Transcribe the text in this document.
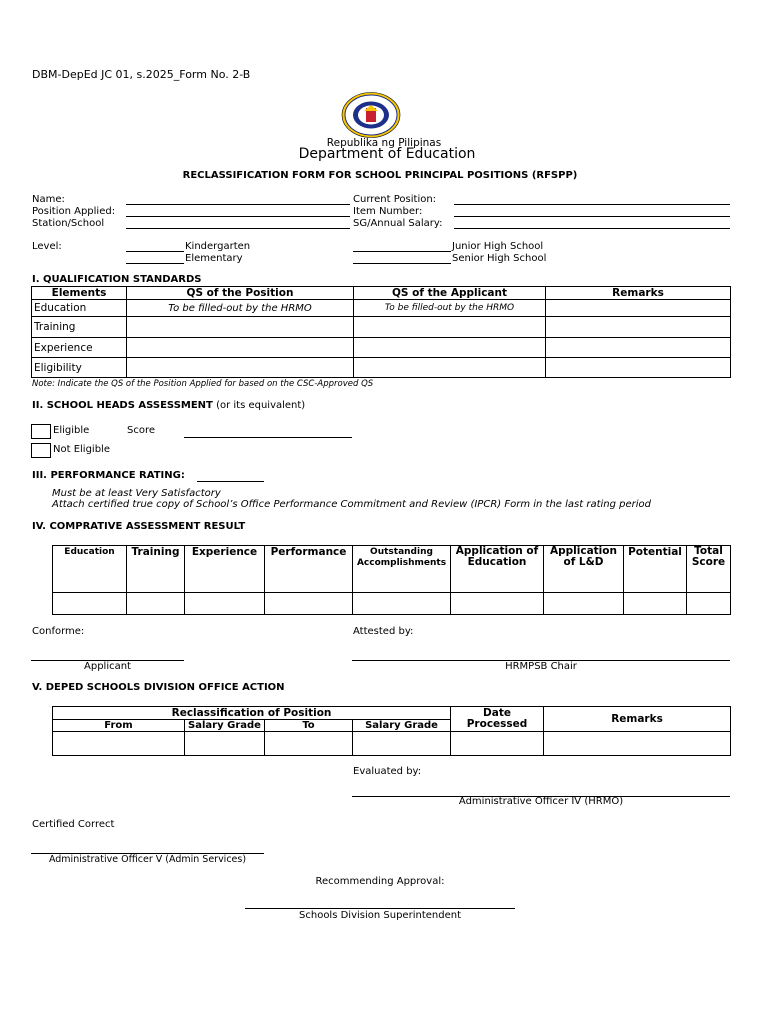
DBM-DepEd JC 01, s.2025_Form No. 2-B
Republika ng Pilipinas
Department of Education
RECLASSIFICATION FORM FOR SCHOOL PRINCIPAL POSITIONS (RFSPP)
Name:
Position Applied:
Station/School
Current Position:
Item Number:
SG/Annual Salary:
Level:	Kindergarten
Elementary
Junior High School
Senior High School
I. QUALIFICATION STANDARDS
Elements	QS of the Position	QS of the Applicant	Remarks
Education	To be filled-out by the HRMO	To be filled-out by the HRMO	
Training			
Experience			
Eligibility			
Note: Indicate the QS of the Position Applied for based on the CSC-Approved QS
II. SCHOOL HEADS ASSESSMENT (or its equivalent)
Eligible	Score
Not Eligible
III. PERFORMANCE RATING:
Must be at least Very Satisfactory
Attach certified true copy of School’s Office Performance Commitment and Review (IPCR) Form in the last rating period
IV. COMPRATIVE ASSESSMENT RESULT
Education	Training	Experience	Performance	Outstanding Accomplishments	Application of Education	Application of L&D	Potential	Total Score

Conforme:
Applicant
Attested by:
HRMPSB Chair
V. DEPED SCHOOLS DIVISION OFFICE ACTION
Reclassification of Position				Date Processed	Remarks
From	Salary Grade	To	Salary Grade		

Evaluated by:
Administrative Officer IV (HRMO)
Certified Correct
Administrative Officer V (Admin Services)
Recommending Approval:
Schools Division Superintendent
